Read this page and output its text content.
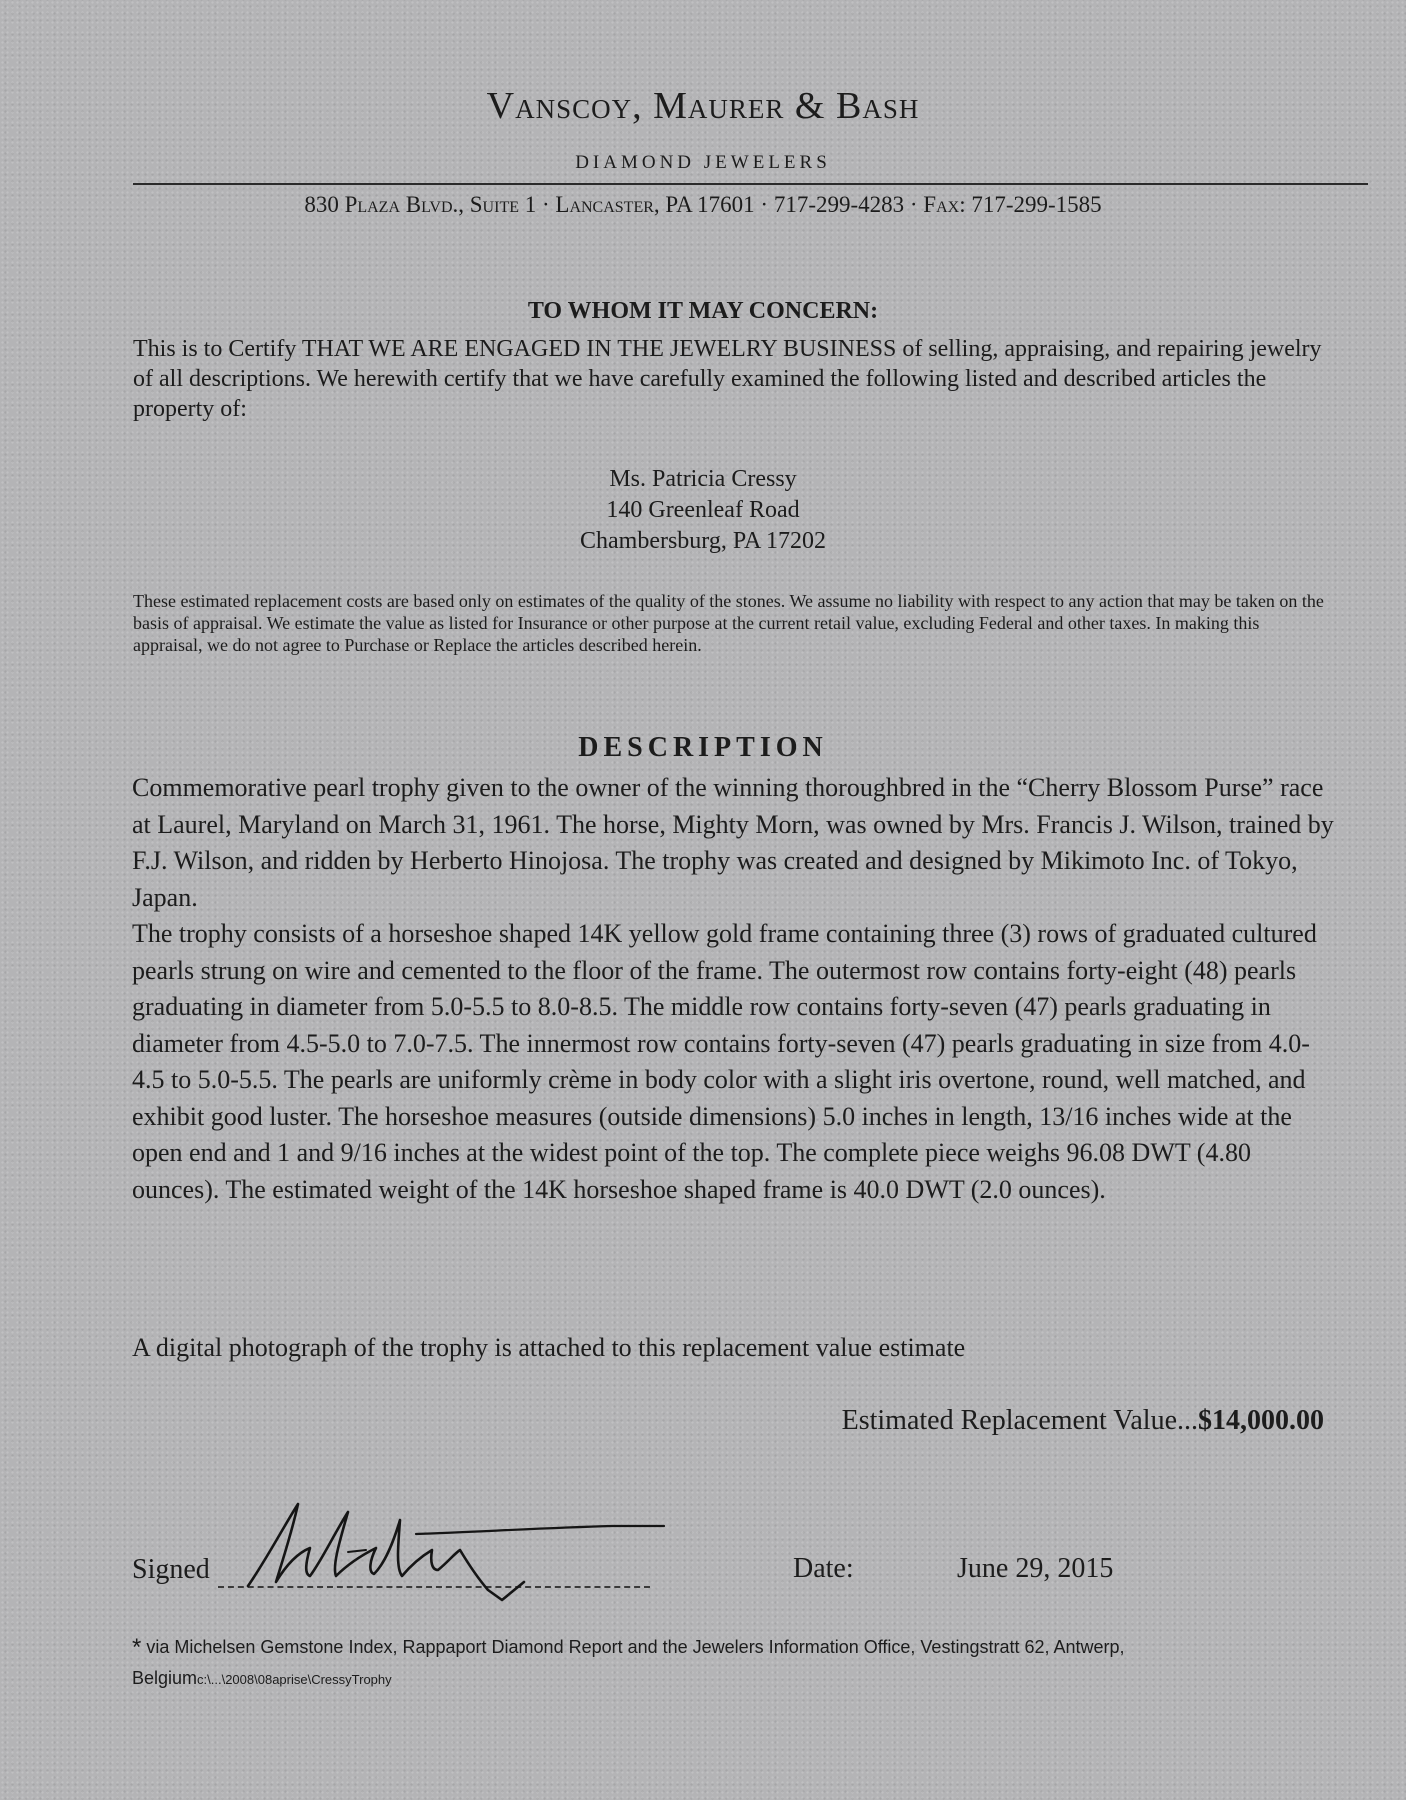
Vanscoy, Maurer & Bash
DIAMOND JEWELERS
830 Plaza Blvd., Suite 1 · Lancaster, PA 17601 · 717-299-4283 · Fax: 717-299-1585
TO WHOM IT MAY CONCERN:
This is to Certify THAT WE ARE ENGAGED IN THE JEWELRY BUSINESS of selling, appraising, and repairing jewelry of all descriptions. We herewith certify that we have carefully examined the following listed and described articles the property of:
Ms. Patricia Cressy
140 Greenleaf Road
Chambersburg, PA 17202
These estimated replacement costs are based only on estimates of the quality of the stones. We assume no liability with respect to any action that may be taken on the basis of appraisal. We estimate the value as listed for Insurance or other purpose at the current retail value, excluding Federal and other taxes. In making this appraisal, we do not agree to Purchase or Replace the articles described herein.
DESCRIPTION

Commemorative pearl trophy given to the owner of the winning thoroughbred in the “Cherry Blossom Purse” race at Laurel, Maryland on March 31, 1961. The horse, Mighty Morn, was owned by Mrs. Francis J. Wilson, trained by F.J. Wilson, and ridden by Herberto Hinojosa. The trophy was created and designed by Mikimoto Inc. of Tokyo, Japan.

The trophy consists of a horseshoe shaped 14K yellow gold frame containing three (3) rows of graduated cultured pearls strung on wire and cemented to the floor of the frame. The outermost row contains forty-eight (48) pearls graduating in diameter from 5.0-5.5 to 8.0-8.5. The middle row contains forty-seven (47) pearls graduating in diameter from 4.5-5.0 to 7.0-7.5. The innermost row contains forty-seven (47) pearls graduating in size from 4.0-4.5 to 5.0-5.5. The pearls are uniformly crème in body color with a slight iris overtone, round, well matched, and exhibit good luster. The horseshoe measures (outside dimensions) 5.0 inches in length, 13/16 inches wide at the open end and 1 and 9/16 inches at the widest point of the top. The complete piece weighs 96.08 DWT (4.80 ounces). The estimated weight of the 14K horseshoe shaped frame is 40.0 DWT (2.0 ounces).

A digital photograph of the trophy is attached to this replacement value estimate
Estimated Replacement Value...$14,000.00
Signed	Date:	June 29, 2015
* via Michelsen Gemstone Index, Rappaport Diamond Report and the Jewelers Information Office, Vestingstratt 62, Antwerp, Belgiumc:\...\2008\08aprise\CressyTrophy
